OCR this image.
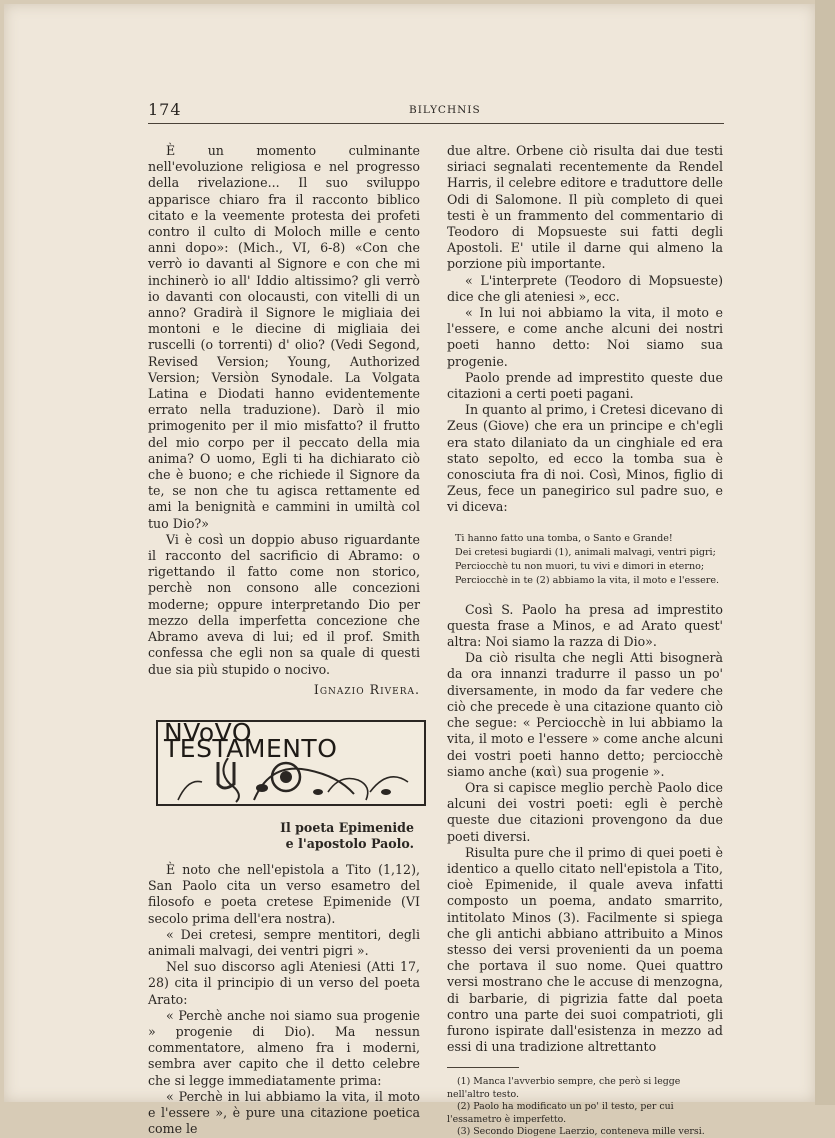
174	BILYCHNIS

È un momento culminante nell'evoluzione religiosa e nel progresso della rivelazione... Il suo sviluppo apparisce chiaro fra il racconto biblico citato e la veemente protesta dei profeti contro il culto di Moloch mille e cento anni dopo»: (Mich., VI, 6-8) «Con che verrò io davanti al Signore e con che mi inchinerò io all' Iddio altissimo? gli verrò io davanti con olocausti, con vitelli di un anno? Gradirà il Signore le migliaia dei montoni e le diecine di migliaia dei ruscelli (o torrenti) d' olio? (Vedi Segond, Revised Version; Young, Authorized Version; Versiòn Synodale. La Volgata Latina e Diodati hanno evidentemente errato nella traduzione). Darò il mio primogenito per il mio misfatto? il frutto del mio corpo per il peccato della mia anima? O uomo, Egli ti ha dichiarato ciò che è buono; e che richiede il Signore da te, se non che tu agisca rettamente ed ami la benignità e cammini in umiltà col tuo Dio?»

Vi è così un doppio abuso riguardante il racconto del sacrificio di Abramo: o rigettando il fatto come non storico, perchè non consono alle concezioni moderne; oppure interpretando Dio per mezzo della imperfetta concezione che Abramo aveva di lui; ed il prof. Smith confessa che egli non sa quale di questi due sia più stupido o nocivo.

Ignazio Rivera.

NVoVO TESTAMENTO

Il poeta Epimenide
e l'apostolo Paolo.

È noto che nell'epistola a Tito (1,12), San Paolo cita un verso esametro del filosofo e poeta cretese Epimenide (VI secolo prima dell'era nostra).

« Dei cretesi, sempre mentitori, degli animali malvagi, dei ventri pigri ».

Nel suo discorso agli Ateniesi (Atti 17, 28) cita il principio di un verso del poeta Arato:

« Perchè anche noi siamo sua progenie » progenie di Dio). Ma nessun commentatore, almeno fra i moderni, sembra aver capito che il detto celebre che si legge immediatamente prima:

« Perchè in lui abbiamo la vita, il moto e l'essere », è pure una citazione poetica come le

due altre. Orbene ciò risulta dai due testi siriaci segnalati recentemente da Rendel Harris, il celebre editore e traduttore delle Odi di Salomone. Il più completo di quei testi è un frammento del commentario di Teodoro di Mopsueste sui fatti degli Apostoli. E' utile il darne qui almeno la porzione più importante.

« L'interprete (Teodoro di Mopsueste) dice che gli ateniesi », ecc.

« In lui noi abbiamo la vita, il moto e l'essere, e come anche alcuni dei nostri poeti hanno detto: Noi siamo sua progenie.

Paolo prende ad imprestito queste due citazioni a certi poeti pagani.

In quanto al primo, i Cretesi dicevano di Zeus (Giove) che era un principe e ch'egli era stato dilaniato da un cinghiale ed era stato sepolto, ed ecco la tomba sua è conosciuta fra di noi. Così, Minos, figlio di Zeus, fece un panegirico sul padre suo, e vi diceva:

Ti hanno fatto una tomba, o Santo e Grande!
Dei cretesi bugiardi (1), animali malvagi, ventri pigri;
Perciocchè tu non muori, tu vivi e dimori in eterno;
Perciocchè in te (2) abbiamo la vita, il moto e l'essere.

Così S. Paolo ha presa ad imprestito questa frase a Minos, e ad Arato quest' altra: Noi siamo la razza di Dio».

Da ciò risulta che negli Atti bisognerà da ora innanzi tradurre il passo un po' diversamente, in modo da far vedere che ciò che precede è una citazione quanto ciò che segue: « Perciocchè in lui abbiamo la vita, il moto e l'essere » come anche alcuni dei vostri poeti hanno detto; perciocchè siamo anche (καὶ) sua progenie ».

Ora si capisce meglio perchè Paolo dice alcuni dei vostri poeti: egli è perchè queste due citazioni provengono da due poeti diversi.

Risulta pure che il primo di quei poeti è identico a quello citato nell'epistola a Tito, cioè Epimenide, il quale aveva infatti composto un poema, andato smarrito, intitolato Minos (3). Facilmente si spiega che gli antichi abbiano attribuito a Minos stesso dei versi provenienti da un poema che portava il suo nome. Quei quattro versi mostrano che le accuse di menzogna, di barbarie, di pigrizia fatte dal poeta contro una parte dei suoi compatrioti, gli furono ispirate dall'esistenza in mezzo ad essi di una tradizione altrettanto

(1) Manca l'avverbio sempre, che però si legge nell'altro testo.

(2) Paolo ha modificato un po' il testo, per cui l'essametro è imperfetto.

(3) Secondo Diogene Laerzio, conteneva mille versi.
